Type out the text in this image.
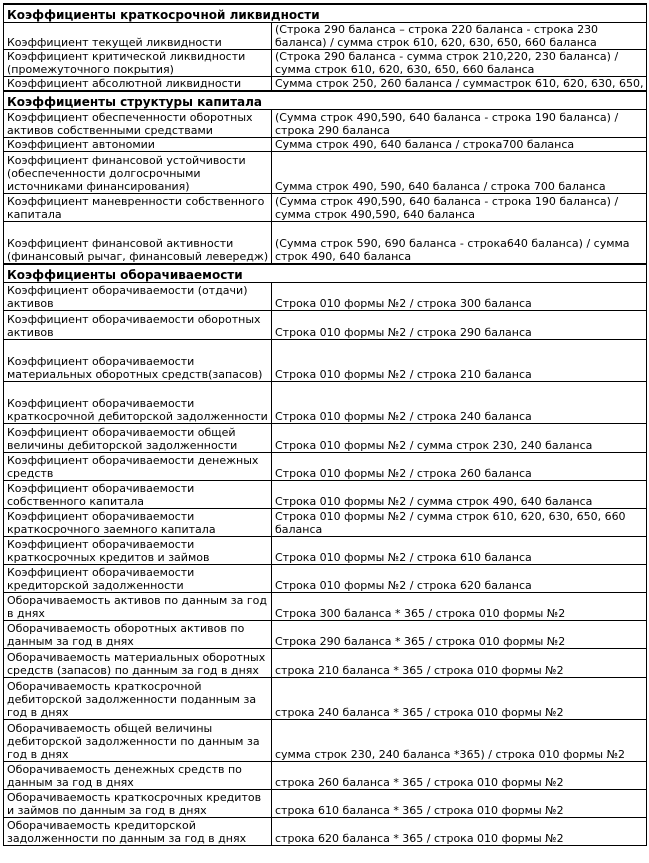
Коэффициенты краткосрочной ликвидности	
Коэффициент текущей ликвидности	(Строка 290 баланса – строка 220 баланса - строка 230 баланса) / сумма строк 610, 620, 630, 650, 660 баланса
Коэффициент критической ликвидности (промежуточного покрытия)	(Строка 290 баланса - сумма строк 210,220, 230 баланса) / сумма строк 610, 620, 630, 650, 660 баланса
Коэффициент абсолютной ликвидности	Сумма строк 250, 260 баланса / суммастрок 610, 620, 630, 650,
Коэффициенты структуры капитала	
Коэффициент обеспеченности оборотных активов собственными средствами	(Сумма строк 490,590, 640 баланса - строка 190 баланса) / строка 290 баланса
Коэффициент автономии	Сумма строк 490, 640 баланса / строка700 баланса
Коэффициент финансовой устойчивости (обеспеченности долгосрочными источниками финансирования)	Сумма строк 490, 590, 640 баланса / строка 700 баланса
Коэффициент маневренности собственного капитала	(Сумма строк 490,590, 640 баланса - строка 190 баланса) / сумма строк 490,590, 640 баланса
Коэффициент финансовой активности (финансовый рычаг, финансовый левередж)	(Сумма строк 590, 690 баланса - строка640 баланса) / сумма строк 490, 640 баланса
Коэффициенты оборачиваемости	
Коэффициент оборачиваемости (отдачи) активов	Строка 010 формы №2 / строка 300 баланса
Коэффициент оборачиваемости оборотных активов	Строка 010 формы №2 / строка 290 баланса
Коэффициент оборачиваемости материальных оборотных средств(запасов)	Строка 010 формы №2 / строка 210 баланса
Коэффициент оборачиваемости краткосрочной дебиторской задолженности	Строка 010 формы №2 / строка 240 баланса
Коэффициент оборачиваемости общей величины дебиторской задолженности	Строка 010 формы №2 / сумма строк 230, 240 баланса
Коэффициент оборачиваемости денежных средств	Строка 010 формы №2 / строка 260 баланса
Коэффициент оборачиваемости собственного капитала	Строка 010 формы №2 / сумма строк 490, 640 баланса
Коэффициент оборачиваемости краткосрочного заемного капитала	Строка 010 формы №2 / сумма строк 610, 620, 630, 650, 660 баланса
Коэффициент оборачиваемости краткосрочных кредитов и займов	Строка 010 формы №2 / строка 610 баланса
Коэффициент оборачиваемости кредиторской задолженности	Строка 010 формы №2 / строка 620 баланса
Оборачиваемость активов по данным за год в днях	Строка 300 баланса * 365 / строка 010 формы №2
Оборачиваемость оборотных активов по данным за год в днях	Строка 290 баланса * 365 / строка 010 формы №2
Оборачиваемость материальных оборотных средств (запасов) по данным за год в днях	строка 210 баланса * 365 / строка 010 формы №2
Оборачиваемость краткосрочной дебиторской задолженности поданным за год в днях	строка 240 баланса * 365 / строка 010 формы №2
Оборачиваемость общей величины дебиторской задолженности по данным за год в днях	сумма строк 230, 240 баланса *365) / строка 010 формы №2
Оборачиваемость денежных средств по данным за год в днях	строка 260 баланса * 365 / строка 010 формы №2
Оборачиваемость краткосрочных кредитов и займов по данным за год в днях	строка 610 баланса * 365 / строка 010 формы №2
Оборачиваемость кредиторской задолженности по данным за год в днях	строка 620 баланса * 365 / строка 010 формы №2
